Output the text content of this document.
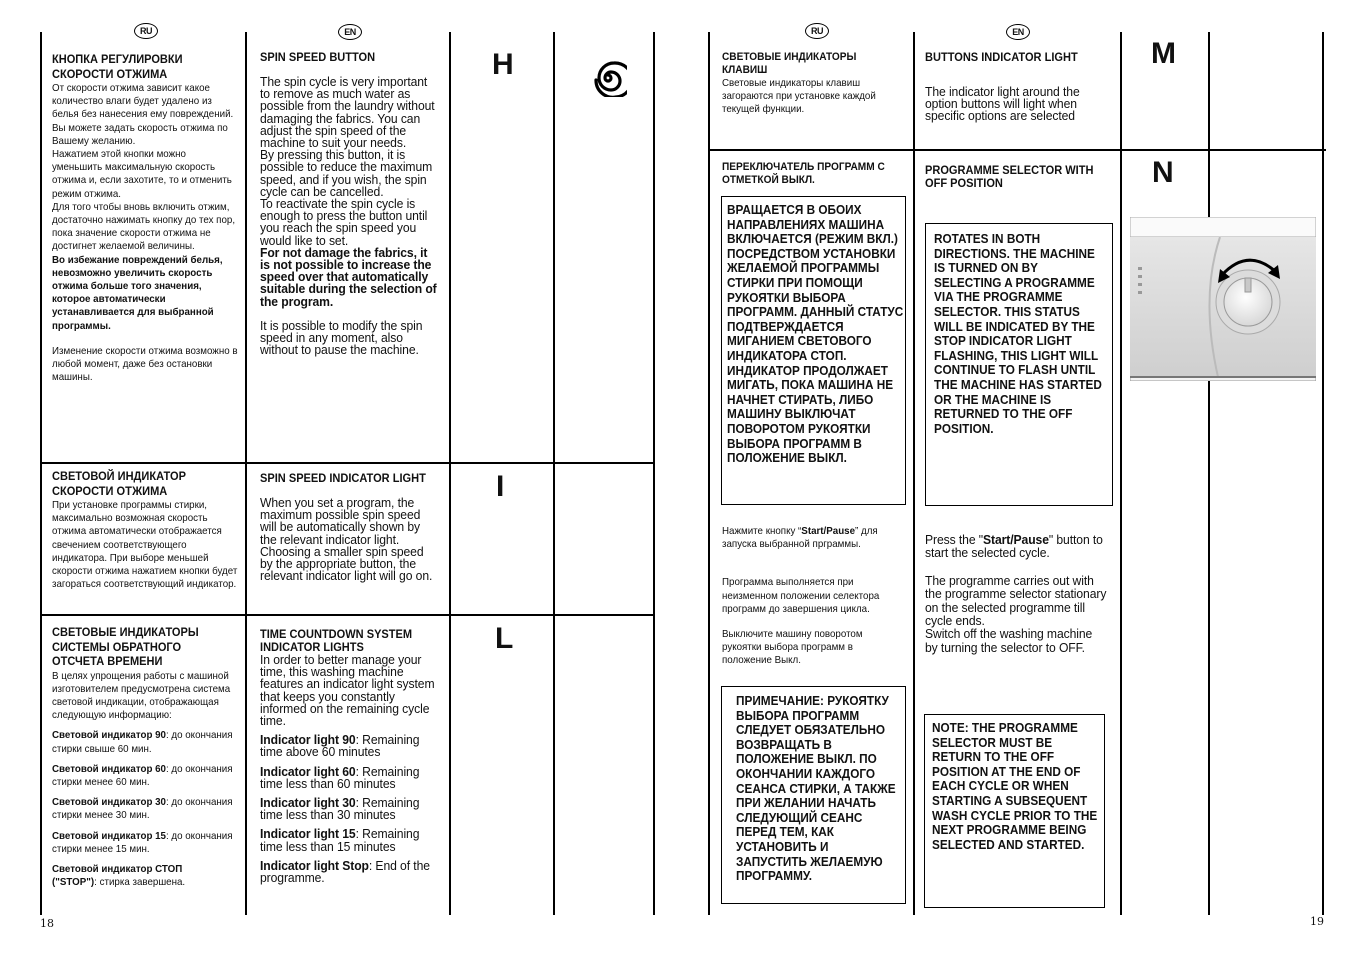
RU	EN
КНОПКА РЕГУЛИРОВКИ СКОРОСТИ ОТЖИМА
От скорости отжима зависит какое количество влаги будет удалено из белья без нанесения ему повреждений. Вы можете задать скорость отжима по Вашему желанию.
Нажатием этой кнопки можно уменьшить максимальную скорость отжима и, если захотите, то и отменить режим отжима.
Для того чтобы вновь включить отжим, достаточно нажимать кнопку до тех пор, пока значение скорости отжима не достигнет желаемой величины.
Во избежание повреждений белья, невозможно увеличить скорость отжима больше того значения, которое автоматически устанавливается для выбранной программы.
Изменение скорости отжима возможно в любой момент, даже без остановки машины.
SPIN SPEED BUTTON
The spin cycle is very important to remove as much water as possible from the laundry without damaging the fabrics. You can adjust the spin speed of the machine to suit your needs.
By pressing this button, it is possible to reduce the maximum speed, and if you wish, the spin cycle can be cancelled.
To reactivate the spin cycle is enough to press the button until you reach the spin speed you would like to set.
For not damage the fabrics, it is not possible to increase the speed over that automatically suitable during the selection of the program.
It is possible to modify the spin speed in any moment, also without to pause the machine.
H
СВЕТОВОЙ ИНДИКАТОР СКОРОСТИ ОТЖИМА
При установке программы стирки, максимально возможная скорость отжима автоматически отображается свечением соответствующего индикатора. При выборе меньшей скорости отжима нажатием кнопки будет загораться соответствующий индикатор.
SPIN SPEED INDICATOR LIGHT
When you set a program, the maximum possible spin speed will be automatically shown by the relevant indicator light.
Choosing a smaller spin speed by the appropriate button, the relevant indicator light will go on.
I
СВЕТОВЫЕ ИНДИКАТОРЫ СИСТЕМЫ ОБРАТНОГО ОТСЧЕТА ВРЕМЕНИ
В целях упрощения работы с машиной изготовителем предусмотрена система световой индикации, отображающая следующую информацию:
Световой индикатор 90: до окончания стирки свыше 60 мин.
Световой индикатор 60: до окончания стирки менее 60 мин.
Световой индикатор 30: до окончания стирки менее 30 мин.
Световой индикатор 15: до окончания стирки менее 15 мин.
Световой индикатор СТОП ("STOP"): стирка завершена.
TIME COUNTDOWN SYSTEM INDICATOR LIGHTS
In order to better manage your time, this washing machine features an indicator light system that keeps you constantly informed on the remaining cycle time.
Indicator light 90: Remaining time above 60 minutes
Indicator light 60: Remaining time less than 60 minutes
Indicator light 30: Remaining time less than 30 minutes
Indicator light 15: Remaining time less than 15 minutes
Indicator light Stop: End of the programme.
L
18
RU	EN
СВЕТОВЫЕ ИНДИКАТОРЫ КЛАВИШ
Световые индикаторы клавиш загораются при установке каждой текущей функции.
BUTTONS INDICATOR LIGHT
The indicator light around the option buttons will light when specific options are selected
M
ПЕРЕКЛЮЧАТЕЛЬ ПРОГРАММ С ОТМЕТКОЙ ВЫКЛ.
ВРАЩАЕТСЯ В ОБОИХ НАПРАВЛЕНИЯХ МАШИНА ВКЛЮЧАЕТСЯ (РЕЖИМ ВКЛ.) ПОСРЕДСТВОМ УСТАНОВКИ ЖЕЛАЕМОЙ ПРОГРАММЫ СТИРКИ ПРИ ПОМОЩИ РУКОЯТКИ ВЫБОРА ПРОГРАММ. ДАННЫЙ СТАТУС ПОДТВЕРЖДАЕТСЯ МИГАНИЕМ СВЕТОВОГО ИНДИКАТОРА СТОП. ИНДИКАТОР ПРОДОЛЖАЕТ МИГАТЬ, ПОКА МАШИНА НЕ НАЧНЕТ СТИРАТЬ, ЛИБО МАШИНУ ВЫКЛЮЧАТ ПОВОРОТОМ РУКОЯТКИ ВЫБОРА ПРОГРАММ В ПОЛОЖЕНИЕ ВЫКЛ.
Нажмите кнопку “Start/Pause” для запуска выбранной прграммы.
Программа выполняется при неизменном положении селектора программ до завершения цикла.
Выключите машину поворотом рукоятки выбора программ в положение Выкл.
ПРИМЕЧАНИЕ: РУКОЯТКУ ВЫБОРА ПРОГРАММ СЛЕДУЕТ ОБЯЗАТЕЛЬНО ВОЗВРАЩАТЬ В ПОЛОЖЕНИЕ ВЫКЛ. ПО ОКОНЧАНИИ КАЖДОГО СЕАНСА СТИРКИ, А ТАКЖЕ ПРИ ЖЕЛАНИИ НАЧАТЬ СЛЕДУЮЩИЙ СЕАНС ПЕРЕД ТЕМ, КАК УСТАНОВИТЬ И ЗАПУСТИТЬ ЖЕЛАЕМУЮ ПРОГРАММУ.
PROGRAMME SELECTOR WITH OFF POSITION
ROTATES IN BOTH DIRECTIONS. THE MACHINE IS TURNED ON BY SELECTING A PROGRAMME VIA THE PROGRAMME SELECTOR. THIS STATUS WILL BE INDICATED BY THE STOP INDICATOR LIGHT FLASHING, THIS LIGHT WILL CONTINUE TO FLASH UNTIL THE MACHINE HAS STARTED OR THE MACHINE IS RETURNED TO THE OFF POSITION.
Press the "Start/Pause" button to start the selected cycle.
The programme carries out with the programme selector stationary on the selected programme till cycle ends.
Switch off the washing machine by turning the selector to OFF.
NOTE: THE PROGRAMME SELECTOR MUST BE RETURN TO THE OFF POSITION AT THE END OF EACH CYCLE OR WHEN STARTING A SUBSEQUENT WASH CYCLE PRIOR TO THE NEXT PROGRAMME BEING SELECTED AND STARTED.
N
19
